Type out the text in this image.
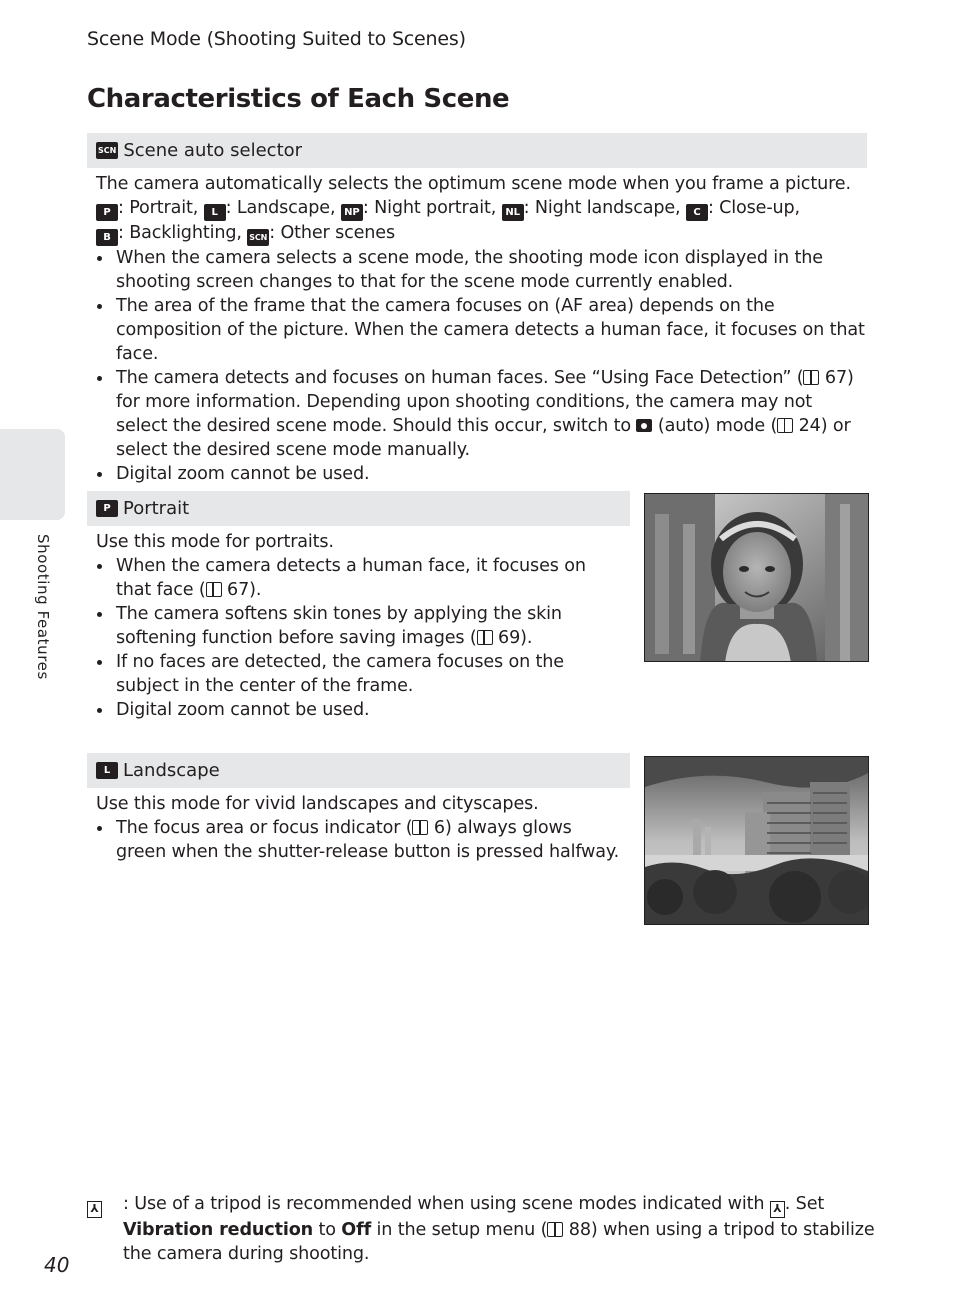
Scene Mode (Shooting Suited to Scenes)
Characteristics of Each Scene
Shooting Features
SCN Scene auto selector

The camera automatically selects the optimum scene mode when you frame a picture.

P : Portrait, L : Landscape, NP : Night portrait, NL : Night landscape, C : Close-up,
B : Backlighting, SCN : Other scenes

When the camera selects a scene mode, the shooting mode icon displayed in the shooting screen changes to that for the scene mode currently enabled.
The area of the frame that the camera focuses on (AF area) depends on the composition of the picture. When the camera detects a human face, it focuses on that face.
The camera detects and focuses on human faces. See “Using Face Detection” ( 67) for more information. Depending upon shooting conditions, the camera may not select the desired scene mode. Should this occur, switch to  (auto) mode ( 24) or select the desired scene mode manually.
Digital zoom cannot be used.
P Portrait

Use this mode for portraits.

When the camera detects a human face, it focuses on that face ( 67).
The camera softens skin tones by applying the skin softening function before saving images ( 69).
If no faces are detected, the camera focuses on the subject in the center of the frame.
Digital zoom cannot be used.
L Landscape

Use this mode for vivid landscapes and cityscapes.

The focus area or focus indicator ( 6) always glows green when the shutter-release button is pressed halfway.
⅄	: Use of a tripod is recommended when using scene modes indicated with ⅄ . Set Vibration reduction to Off in the setup menu ( 88) when using a tripod to stabilize the camera during shooting.
40
